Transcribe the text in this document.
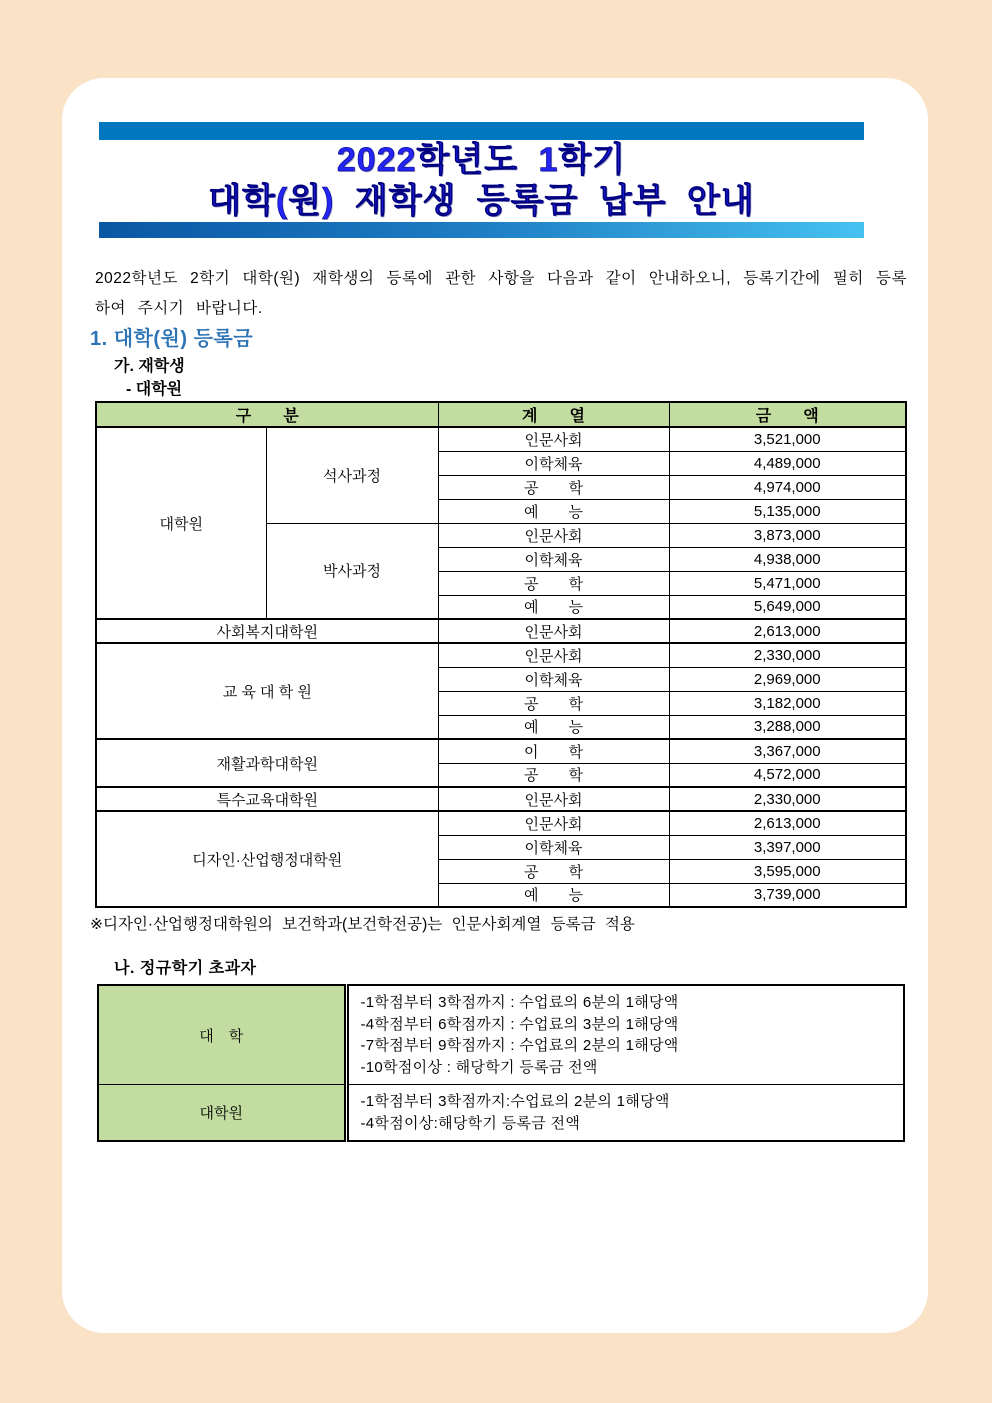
2022학년도 1학기
대학(원) 재학생 등록금 납부 안내

2022학년도 2학기 대학(원) 재학생의 등록에 관한 사항을 다음과 같이 안내하오니, 등록기간에 필히 등록하여 주시기 바랍니다.

1. 대학(원) 등록금
가. 재학생
- 대학원
구　　분		계　　열	금　　액
대학원	석사과정	인문사회	3,521,000
		이학체육	4,489,000
		공　　학	4,974,000
		예　　능	5,135,000
	박사과정	인문사회	3,873,000
		이학체육	4,938,000
		공　　학	5,471,000
		예　　능	5,649,000
사회복지대학원		인문사회	2,613,000
교 육 대 학 원		인문사회	2,330,000
		이학체육	2,969,000
		공　　학	3,182,000
		예　　능	3,288,000
재활과학대학원		이　　학	3,367,000
		공　　학	4,572,000
특수교육대학원		인문사회	2,330,000
디자인·산업행정대학원		인문사회	2,613,000
		이학체육	3,397,000
		공　　학	3,595,000
		예　　능	3,739,000
※디자인·산업행정대학원의 보건학과(보건학전공)는 인문사회계열 등록금 적용
나. 정규학기 초과자
대　학	-1학점부터 3학점까지 : 수업료의 6분의 1해당액
-4학점부터 6학점까지 : 수업료의 3분의 1해당액
-7학점부터 9학점까지 : 수업료의 2분의 1해당액
-10학점이상 : 해당학기 등록금 전액

대학원	-1학점부터 3학점까지:수업료의 2분의 1해당액
-4학점이상:해당학기 등록금 전액
